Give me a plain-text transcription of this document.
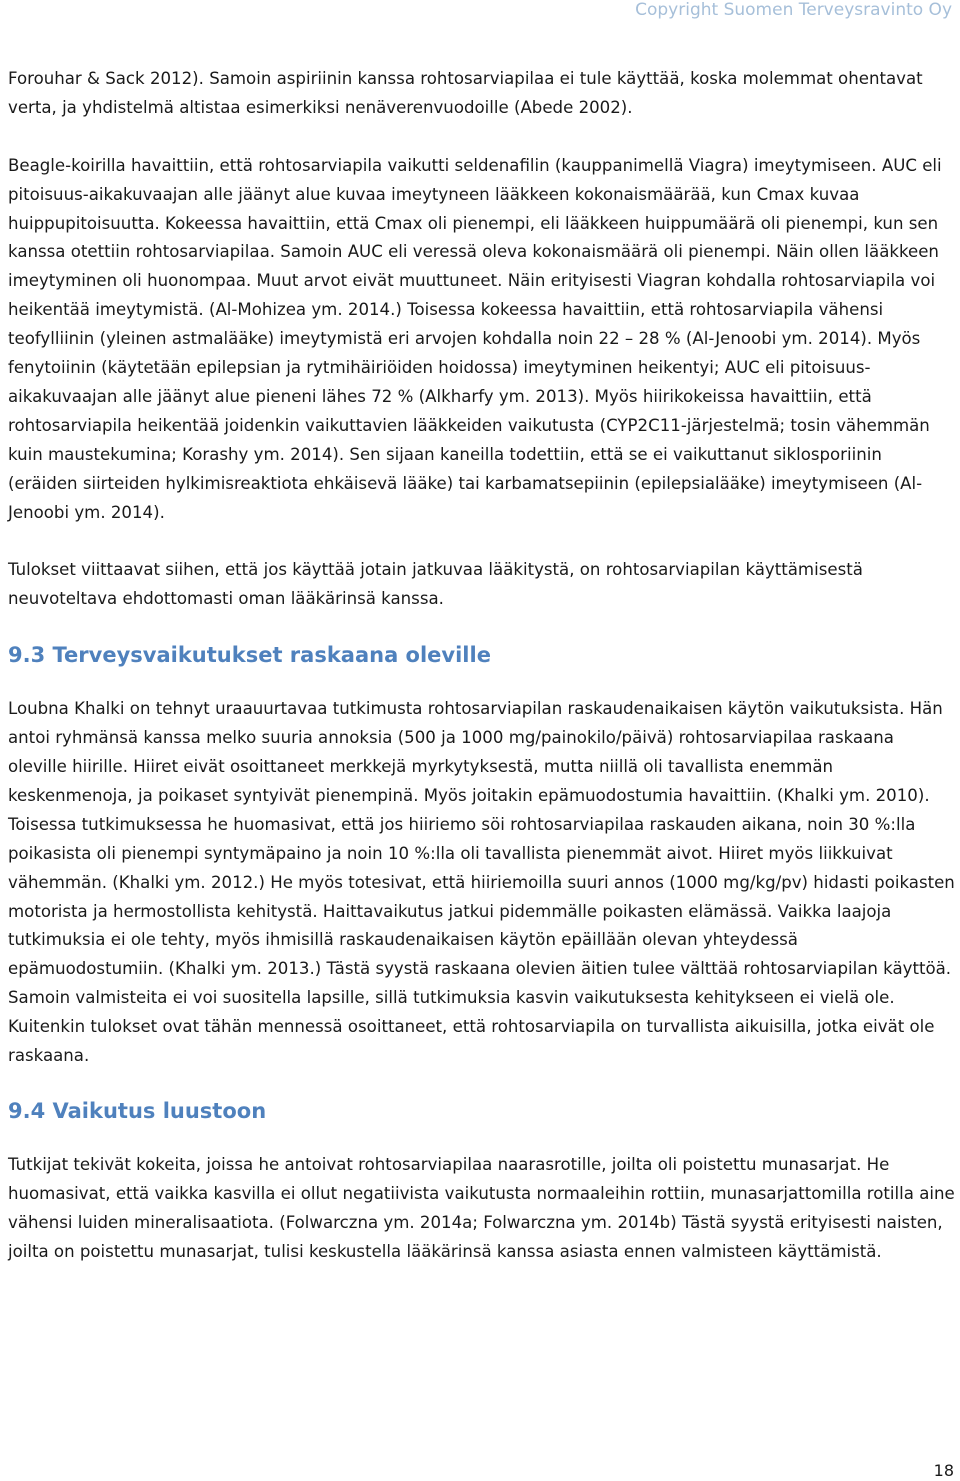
Copyright Suomen Terveysravinto Oy

Forouhar & Sack 2012). Samoin aspiriinin kanssa rohtosarviapilaa ei tule käyttää, koska molemmat ohentavat verta, ja yhdistelmä altistaa esimerkiksi nenäverenvuodoille (Abede 2002).

Beagle-koirilla havaittiin, että rohtosarviapila vaikutti seldenafilin (kauppanimellä Viagra) imeytymiseen. AUC eli pitoisuus-aikakuvaajan alle jäänyt alue kuvaa imeytyneen lääkkeen kokonaismäärää, kun Cmax kuvaa huippupitoisuutta. Kokeessa havaittiin, että Cmax oli pienempi, eli lääkkeen huippumäärä oli pienempi, kun sen kanssa otettiin rohtosarviapilaa. Samoin AUC eli veressä oleva kokonaismäärä oli pienempi. Näin ollen lääkkeen imeytyminen oli huonompaa. Muut arvot eivät muuttuneet. Näin erityisesti Viagran kohdalla rohtosarviapila voi heikentää imeytymistä. (Al-Mohizea ym. 2014.) Toisessa kokeessa havaittiin, että rohtosarviapila vähensi teofylliinin (yleinen astmalääke) imeytymistä eri arvojen kohdalla noin 22 – 28 % (Al-Jenoobi ym. 2014). Myös fenytoiinin (käytetään epilepsian ja rytmihäiriöiden hoidossa) imeytyminen heikentyi; AUC eli pitoisuus-aikakuvaajan alle jäänyt alue pieneni lähes 72 % (Alkharfy ym. 2013). Myös hiirikokeissa havaittiin, että rohtosarviapila heikentää joidenkin vaikuttavien lääkkeiden vaikutusta (CYP2C11-järjestelmä; tosin vähemmän kuin maustekumina; Korashy ym. 2014). Sen sijaan kaneilla todettiin, että se ei vaikuttanut siklosporiinin (eräiden siirteiden hylkimisreaktiota ehkäisevä lääke) tai karbamatsepiinin (epilepsialääke) imeytymiseen (Al-Jenoobi ym. 2014).

Tulokset viittaavat siihen, että jos käyttää jotain jatkuvaa lääkitystä, on rohtosarviapilan käyttämisestä neuvoteltava ehdottomasti oman lääkärinsä kanssa.

9.3 Terveysvaikutukset raskaana oleville

Loubna Khalki on tehnyt uraauurtavaa tutkimusta rohtosarviapilan raskaudenaikaisen käytön vaikutuksista. Hän antoi ryhmänsä kanssa melko suuria annoksia (500 ja 1000 mg/painokilo/päivä) rohtosarviapilaa raskaana oleville hiirille. Hiiret eivät osoittaneet merkkejä myrkytyksestä, mutta niillä oli tavallista enemmän keskenmenoja, ja poikaset syntyivät pienempinä. Myös joitakin epämuodostumia havaittiin. (Khalki ym. 2010). Toisessa tutkimuksessa he huomasivat, että jos hiiriemo söi rohtosarviapilaa raskauden aikana, noin 30 %:lla poikasista oli pienempi syntymäpaino ja noin 10 %:lla oli tavallista pienemmät aivot. Hiiret myös liikkuivat vähemmän. (Khalki ym. 2012.) He myös totesivat, että hiiriemoilla suuri annos (1000 mg/kg/pv) hidasti poikasten motorista ja hermostollista kehitystä. Haittavaikutus jatkui pidemmälle poikasten elämässä. Vaikka laajoja tutkimuksia ei ole tehty, myös ihmisillä raskaudenaikaisen käytön epäillään olevan yhteydessä epämuodostumiin. (Khalki ym. 2013.) Tästä syystä raskaana olevien äitien tulee välttää rohtosarviapilan käyttöä. Samoin valmisteita ei voi suositella lapsille, sillä tutkimuksia kasvin vaikutuksesta kehitykseen ei vielä ole. Kuitenkin tulokset ovat tähän mennessä osoittaneet, että rohtosarviapila on turvallista aikuisilla, jotka eivät ole raskaana.

9.4 Vaikutus luustoon

Tutkijat tekivät kokeita, joissa he antoivat rohtosarviapilaa naarasrotille, joilta oli poistettu munasarjat. He huomasivat, että vaikka kasvilla ei ollut negatiivista vaikutusta normaaleihin rottiin, munasarjattomilla rotilla aine vähensi luiden mineralisaatiota. (Folwarczna ym. 2014a; Folwarczna ym. 2014b) Tästä syystä erityisesti naisten, joilta on poistettu munasarjat, tulisi keskustella lääkärinsä kanssa asiasta ennen valmisteen käyttämistä.

18
